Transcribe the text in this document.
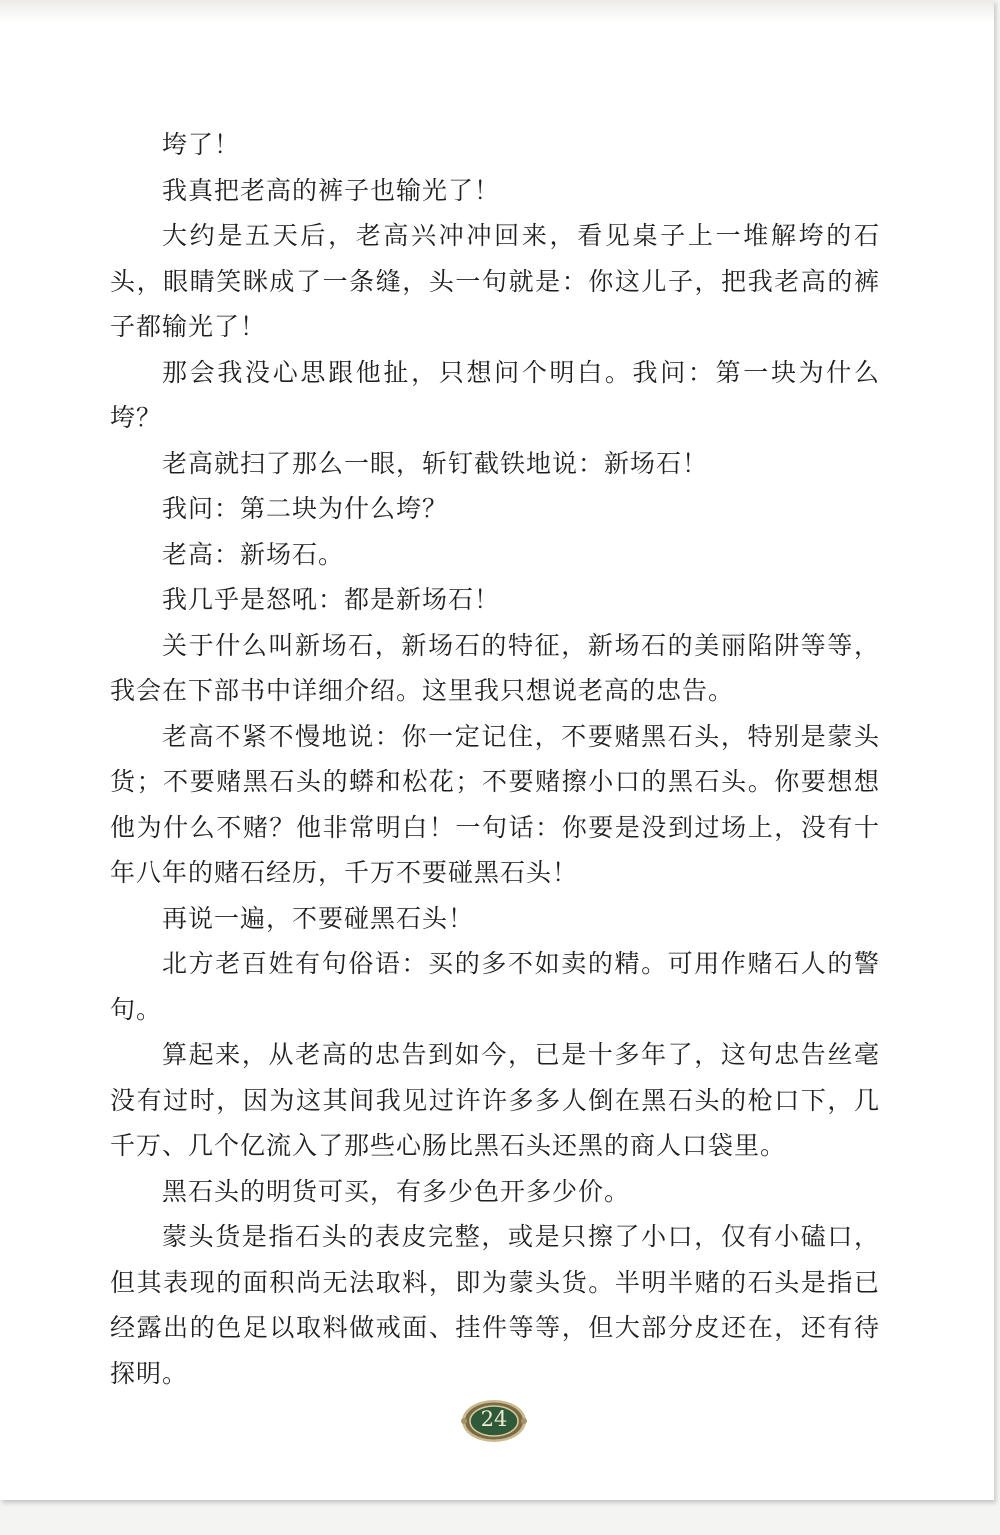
垮了！

我真把老高的裤子也输光了！

大约是五天后，老高兴冲冲回来，看见桌子上一堆解垮的石头，眼睛笑眯成了一条缝，头一句就是：你这儿子，把我老高的裤子都输光了！

那会我没心思跟他扯，只想问个明白。我问：第一块为什么垮？

老高就扫了那么一眼，斩钉截铁地说：新场石！

我问：第二块为什么垮？

老高：新场石。

我几乎是怒吼：都是新场石！

关于什么叫新场石，新场石的特征，新场石的美丽陷阱等等，我会在下部书中详细介绍。这里我只想说老高的忠告。

老高不紧不慢地说：你一定记住，不要赌黑石头，特别是蒙头货；不要赌黑石头的蟒和松花；不要赌擦小口的黑石头。你要想想他为什么不赌？他非常明白！一句话：你要是没到过场上，没有十年八年的赌石经历，千万不要碰黑石头！

再说一遍，不要碰黑石头！

北方老百姓有句俗语：买的多不如卖的精。可用作赌石人的警句。

算起来，从老高的忠告到如今，已是十多年了，这句忠告丝毫没有过时，因为这其间我见过许许多多人倒在黑石头的枪口下，几千万、几个亿流入了那些心肠比黑石头还黑的商人口袋里。

黑石头的明货可买，有多少色开多少价。

蒙头货是指石头的表皮完整，或是只擦了小口，仅有小磕口，但其表现的面积尚无法取料，即为蒙头货。半明半赌的石头是指已经露出的色足以取料做戒面、挂件等等，但大部分皮还在，还有待探明。

24
